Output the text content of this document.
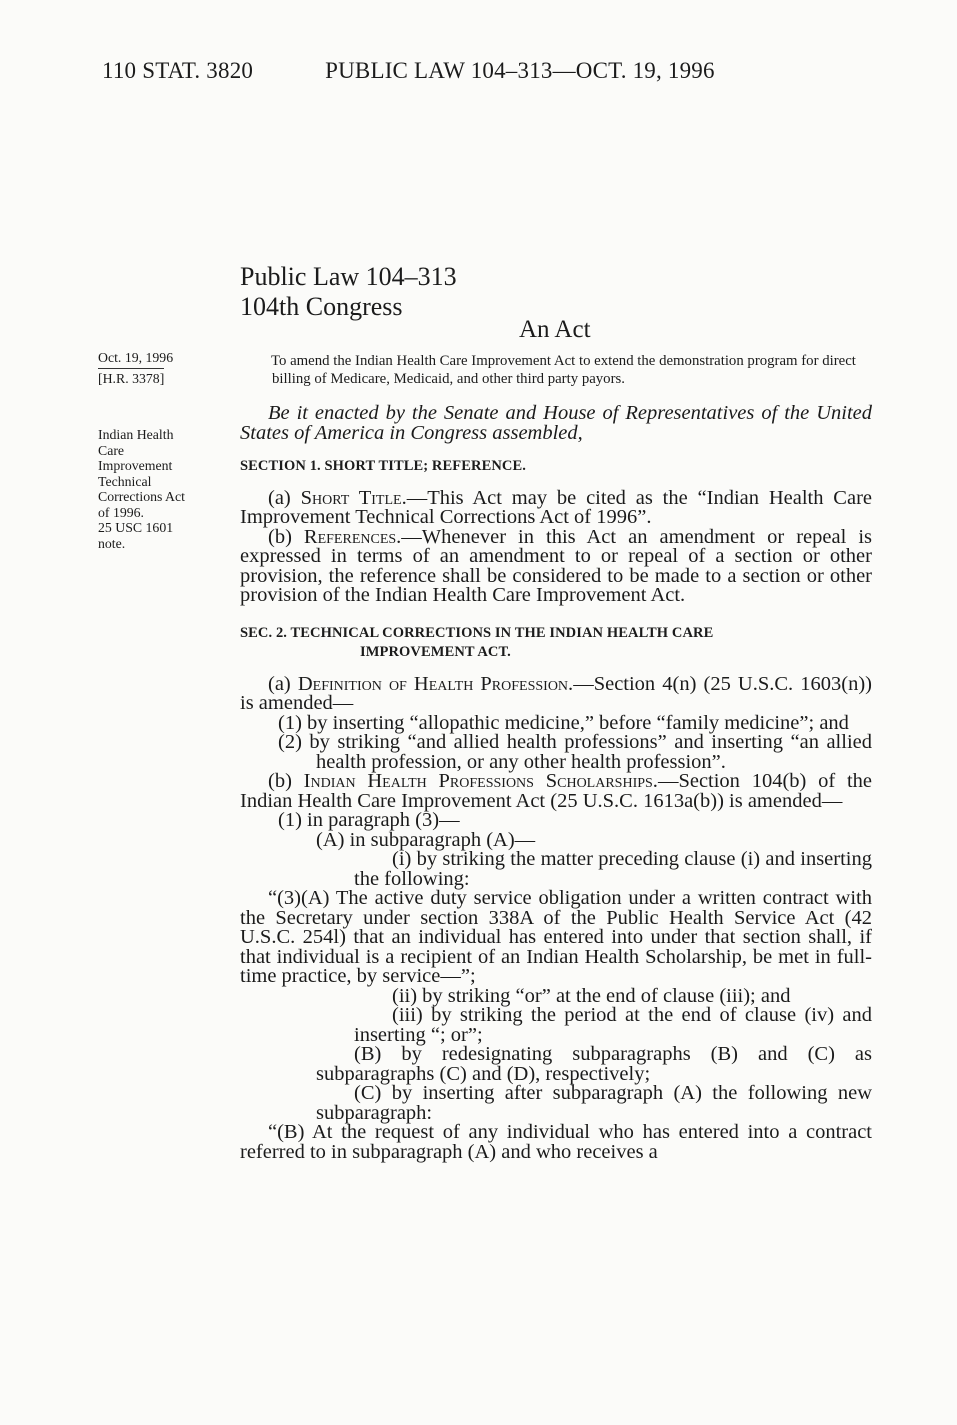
110 STAT. 3820	PUBLIC LAW 104–313—OCT. 19, 1996
Public Law 104–313
104th Congress
An Act
Oct. 19, 1996
[H.R. 3378]
Indian Health
Care
Improvement
Technical
Corrections Act
of 1996.
25 USC 1601
note.
To amend the Indian Health Care Improvement Act to extend the demonstration program for direct billing of Medicare, Medicaid, and other third party payors.

Be it enacted by the Senate and House of Representatives of the United States of America in Congress assembled,

SECTION 1. SHORT TITLE; REFERENCE.

(a) Short Title.—This Act may be cited as the “Indian Health Care Improvement Technical Corrections Act of 1996”.

(b) References.—Whenever in this Act an amendment or repeal is expressed in terms of an amendment to or repeal of a section or other provision, the reference shall be considered to be made to a section or other provision of the Indian Health Care Improvement Act.

SEC. 2. TECHNICAL CORRECTIONS IN THE INDIAN HEALTH CARE
IMPROVEMENT ACT.

(a) Definition of Health Profession.—Section 4(n) (25 U.S.C. 1603(n)) is amended—

(1) by inserting “allopathic medicine,” before “family medicine”; and

(2) by striking “and allied health professions” and inserting “an allied health profession, or any other health profession”.

(b) Indian Health Professions Scholarships.—Section 104(b) of the Indian Health Care Improvement Act (25 U.S.C. 1613a(b)) is amended—

(1) in paragraph (3)—

(A) in subparagraph (A)—

(i) by striking the matter preceding clause (i) and inserting the following:

“(3)(A) The active duty service obligation under a written contract with the Secretary under section 338A of the Public Health Service Act (42 U.S.C. 254l) that an individual has entered into under that section shall, if that individual is a recipient of an Indian Health Scholarship, be met in full-time practice, by service—”;

(ii) by striking “or” at the end of clause (iii); and

(iii) by striking the period at the end of clause (iv) and inserting “; or”;

(B) by redesignating subparagraphs (B) and (C) as subparagraphs (C) and (D), respectively;

(C) by inserting after subparagraph (A) the following new subparagraph:

“(B) At the request of any individual who has entered into a contract referred to in subparagraph (A) and who receives a
